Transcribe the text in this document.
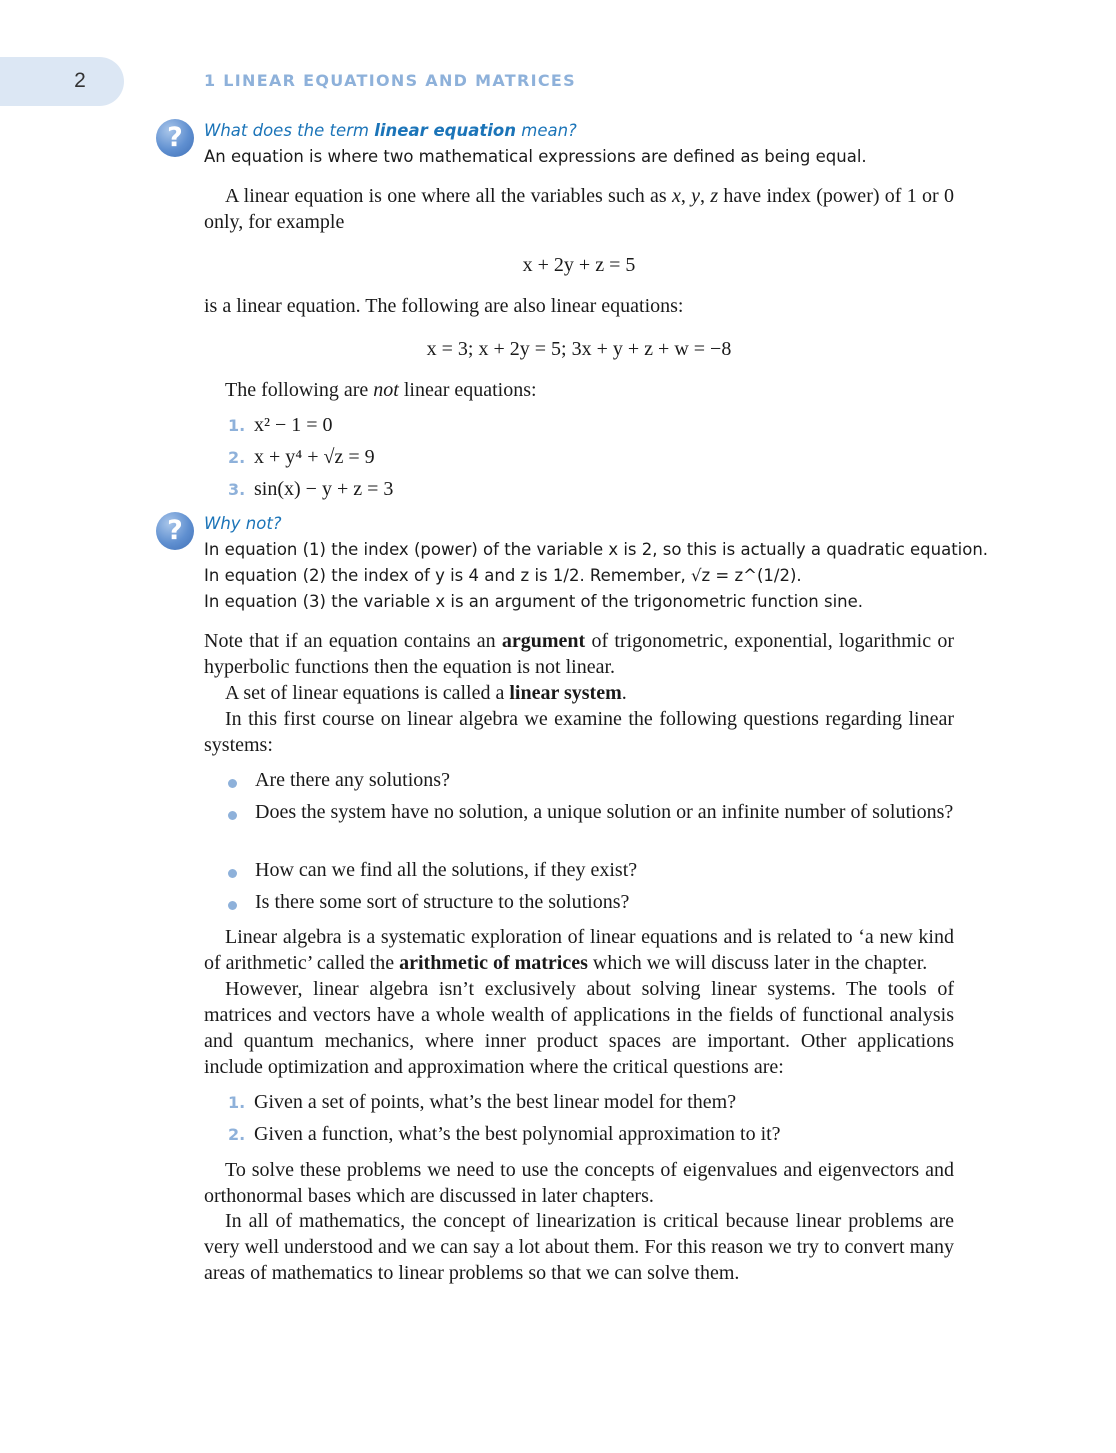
2	1 LINEAR EQUATIONS AND MATRICES
?	What does the term linear equation mean?
An equation is where two mathematical expressions are defined as being equal.
A linear equation is one where all the variables such as x, y, z have index (power) of 1 or 0 only, for example
x + 2y + z = 5
is a linear equation. The following are also linear equations:
x = 3; x + 2y = 5; 3x + y + z + w = −8
The following are not linear equations:
1. x² − 1 = 0
2. x + y⁴ + √z = 9
3. sin(x) − y + z = 3
?	Why not?
In equation (1) the index (power) of the variable x is 2, so this is actually a quadratic equation.
In equation (2) the index of y is 4 and z is 1/2. Remember, √z = z^(1/2).
In equation (3) the variable x is an argument of the trigonometric function sine.
Note that if an equation contains an argument of trigonometric, exponential, logarithmic or hyperbolic functions then the equation is not linear.
A set of linear equations is called a linear system.
In this first course on linear algebra we examine the following questions regarding linear systems:
Are there any solutions?
Does the system have no solution, a unique solution or an infinite number of solutions?
How can we find all the solutions, if they exist?
Is there some sort of structure to the solutions?
Linear algebra is a systematic exploration of linear equations and is related to ‘a new kind of arithmetic’ called the arithmetic of matrices which we will discuss later in the chapter.
However, linear algebra isn’t exclusively about solving linear systems. The tools of matrices and vectors have a whole wealth of applications in the fields of functional analysis and quantum mechanics, where inner product spaces are important. Other applications include optimization and approximation where the critical questions are:
1. Given a set of points, what’s the best linear model for them?
2. Given a function, what’s the best polynomial approximation to it?
To solve these problems we need to use the concepts of eigenvalues and eigenvectors and orthonormal bases which are discussed in later chapters.
In all of mathematics, the concept of linearization is critical because linear problems are very well understood and we can say a lot about them. For this reason we try to convert many areas of mathematics to linear problems so that we can solve them.
